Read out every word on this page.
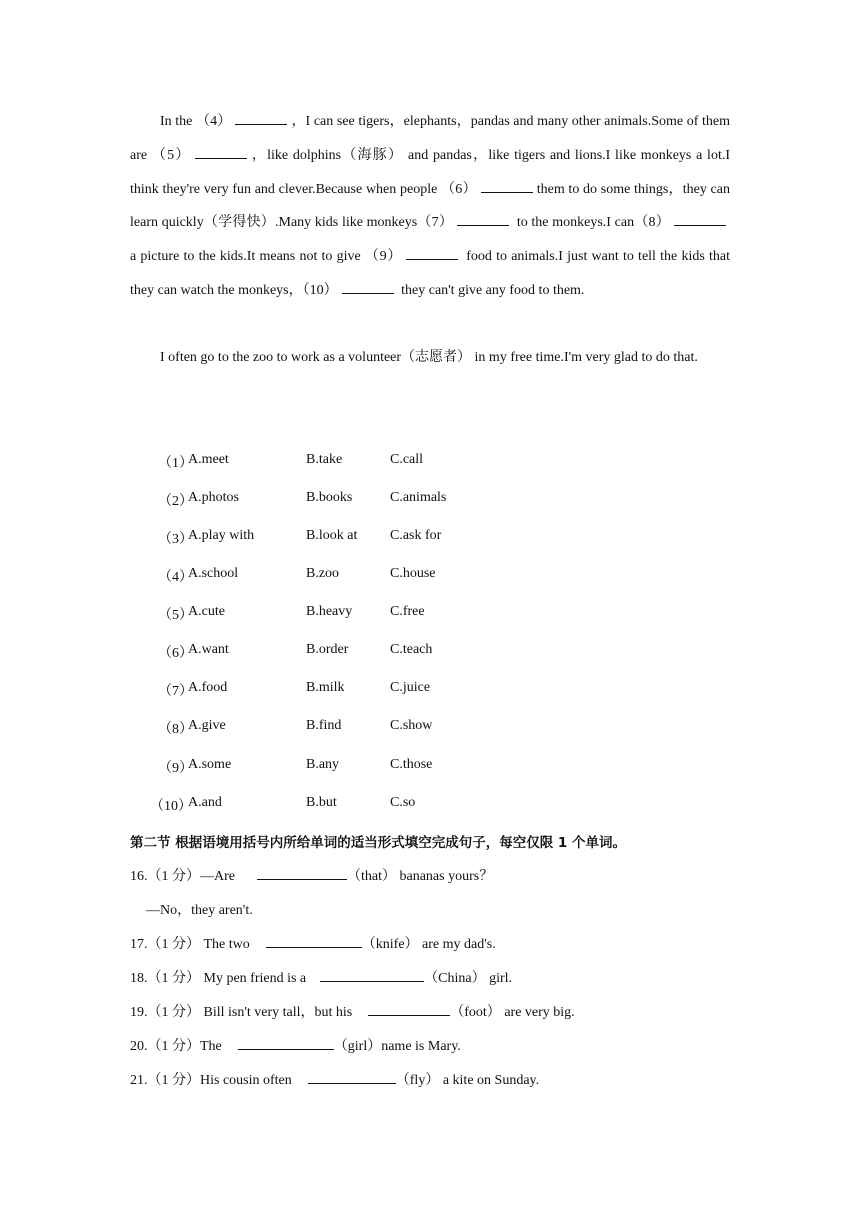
In the （4）	，I can see tigers，elephants，pandas and many other animals.Some of them are （5）	，like dolphins（海豚） and pandas，like tigers and lions.I like monkeys a lot.I think they're very fun and clever.Because when people （6）	them to do some things，they can learn quickly（学得快）.Many kids like monkeys（7）	to the monkeys.I can（8） a picture to the kids.It means not to give （9）	food to animals.I just want to tell the kids that they can watch the monkeys，（10）	they can't give any food to them.
I often go to the zoo to work as a volunteer（志愿者） in my free time.I'm very glad to do that.
（1）
A.meet	B.take	C.call
（2）
A.photos	B.books	C.animals
（3）
A.play with	B.look at C.ask for
（4）
A.school	B.zoo	C.house
（5）
A.cute	B.heavy	C.free
（6）
A.want	B.order	C.teach
（7）
A.food	B.milk	C.juice
（8）
A.give	B.find	C.show
（9）
A.some	B.any	C.those
（10）
A.and	B.but	C.so
第二节 根据语境用括号内所给单词的适当形式填空完成句子，每空仅限 1 个单词。
16.（1 分）—Are	（that） bananas yours？
—No，they aren't.
17.（1 分） The two	（knife） are my dad's.
18.（1 分） My pen friend is a	（China） girl.
19.（1 分） Bill isn't very tall，but his	（foot） are very big.
20.（1 分）The	（girl）name is Mary.
21.（1 分）His cousin often	（fly） a kite on Sunday.
